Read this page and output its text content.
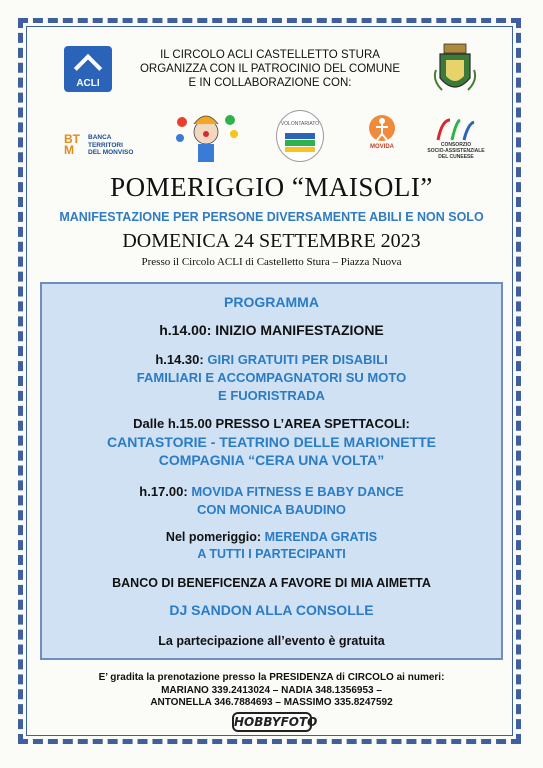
ACLI
IL CIRCOLO ACLI CASTELLETTO STURA
ORGANIZZA CON IL PATROCINIO DEL COMUNE
E IN COLLABORAZIONE CON:
BT
M
BANCA
TERRITORI
DEL MONVISO
VOLONTARIATO
MOVIDA	CONSORZIO
SOCIO-ASSISTENZIALE
DEL CUNEESE
POMERIGGIO “MAISOLI”
MANIFESTAZIONE PER PERSONE DIVERSAMENTE ABILI E NON SOLO
DOMENICA 24 SETTEMBRE 2023
Presso il Circolo ACLI di Castelletto Stura – Piazza Nuova
PROGRAMMA
h.14.00: INIZIO MANIFESTAZIONE
h.14.30: GIRI GRATUITI PER DISABILI
FAMILIARI E ACCOMPAGNATORI SU MOTO
E FUORISTRADA
Dalle h.15.00 PRESSO L’AREA SPETTACOLI:
CANTASTORIE - TEATRINO DELLE MARIONETTE
COMPAGNIA “CERA UNA VOLTA”
h.17.00: MOVIDA FITNESS E BABY DANCE
CON MONICA BAUDINO
Nel pomeriggio: MERENDA GRATIS
A TUTTI I PARTECIPANTI
BANCO DI BENEFICENZA A FAVORE DI MIA AIMETTA
DJ SANDON ALLA CONSOLLE
La partecipazione all’evento è gratuita
E’ gradita la prenotazione presso la PRESIDENZA di CIRCOLO ai numeri:
MARIANO 339.2413024 – NADIA 348.1356953 –
ANTONELLA 346.7884693 – MASSIMO 335.8247592
HOBBYFOTO
